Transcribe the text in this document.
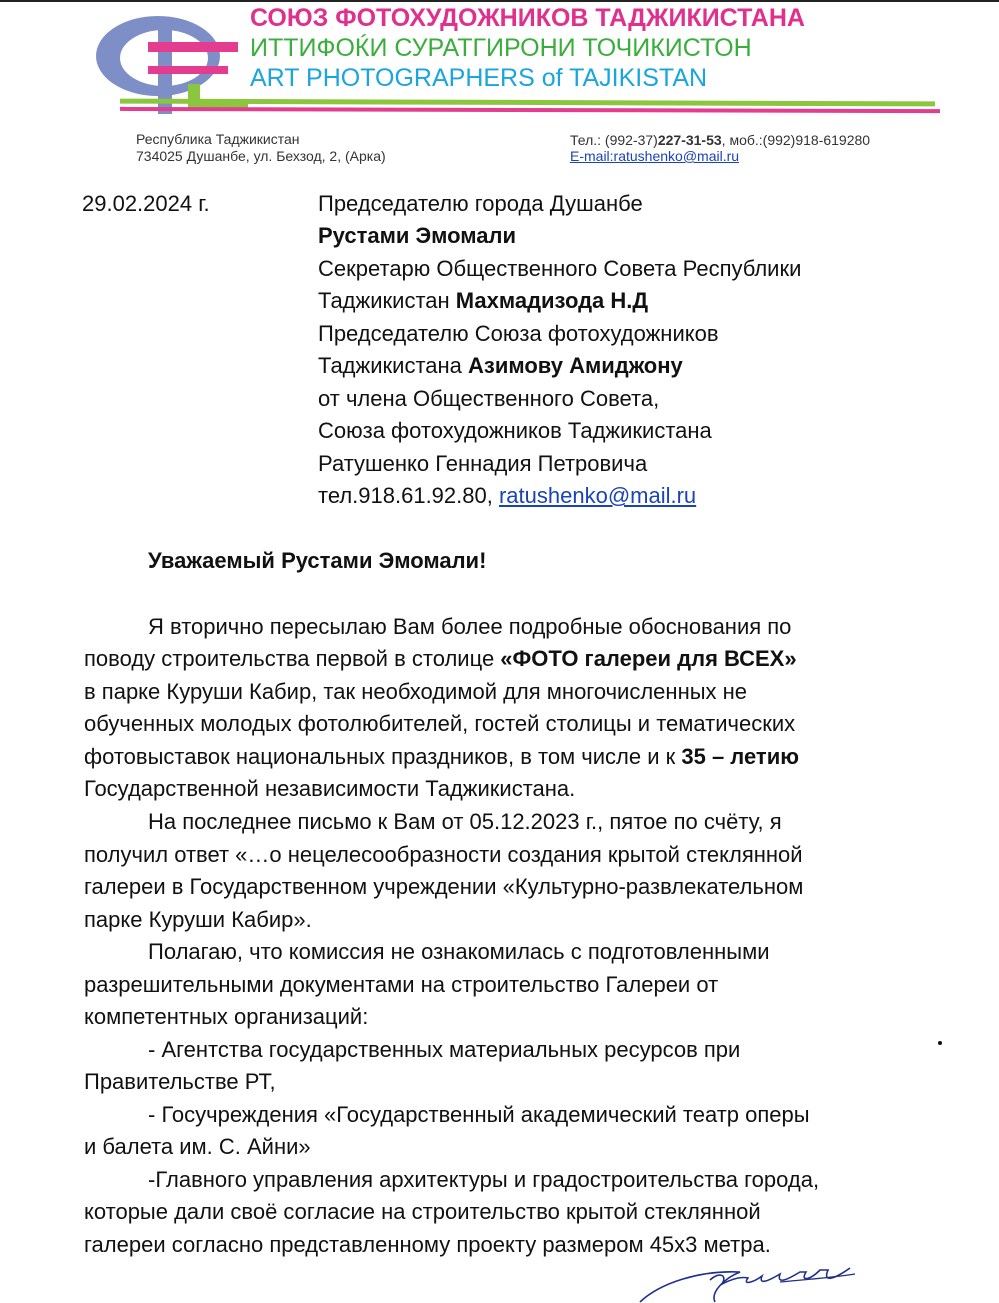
СОЮЗ ФОТОХУДОЖНИКОВ ТАДЖИКИСТАНА
ИТТИФОЌИ СУРАТГИРОНИ ТОЧИКИСТОН
ART PHOTOGRAPHERS of TAJIKISTAN
Республика Таджикистан
734025 Душанбе, ул. Бехзод, 2, (Арка)
Тел.: (992-37)227-31-53, моб.:(992)918-619280
E-mail:ratushenko@mail.ru
29.02.2024 г.	Председателю города Душанбе
Рустами Эмомали
Секретарю Общественного Совета Республики
Таджикистан Махмадизода Н.Д
Председателю Союза фотохудожников
Таджикистана Азимову Амиджону
от члена Общественного Совета,
Союза фотохудожников Таджикистана
Ратушенко Геннадия Петровича
тел.918.61.92.80, ratushenko@mail.ru
Уважаемый Рустами Эмомали!
Я вторично пересылаю Вам более подробные обоснования по
поводу строительства первой в столице «ФОТО галереи для ВСЕХ»
в парке Куруши Кабир, так необходимой для многочисленных не
обученных молодых фотолюбителей, гостей столицы и тематических
фотовыставок национальных праздников, в том числе и к 35 – летию
Государственной независимости Таджикистана.
На последнее письмо к Вам от 05.12.2023 г., пятое по счёту, я
получил ответ «…о нецелесообразности создания крытой стеклянной
галереи в Государственном учреждении «Культурно-развлекательном
парке Куруши Кабир».
Полагаю, что комиссия не ознакомилась с подготовленными
разрешительными документами на строительство Галереи от
компетентных организаций:
- Агентства государственных материальных ресурсов при
Правительстве РТ,
- Госучреждения «Государственный академический театр оперы
и балета им. С. Айни»
-Главного управления архитектуры и градостроительства города,
которые дали своё согласие на строительство крытой стеклянной
галереи согласно представленному проекту размером 45х3 метра.
